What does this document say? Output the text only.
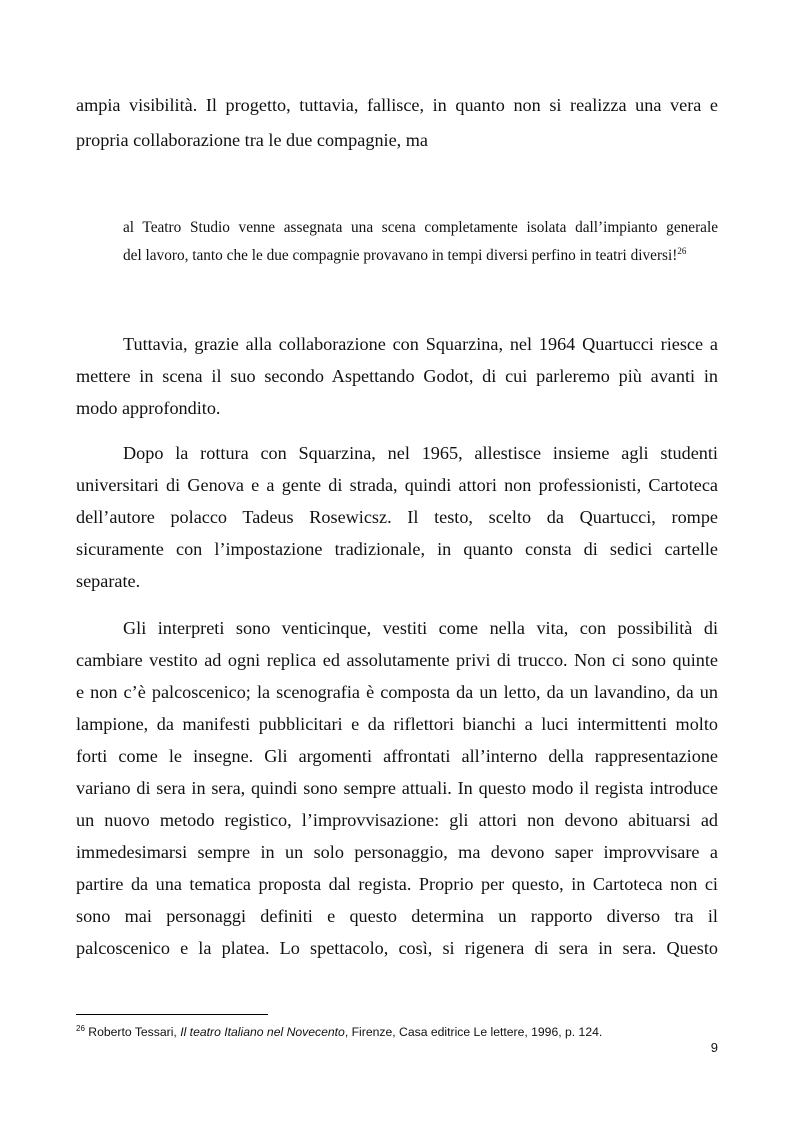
ampia visibilità. Il progetto, tuttavia, fallisce, in quanto non si realizza una vera e
propria collaborazione tra le due compagnie, ma
al Teatro Studio venne assegnata una scena completamente isolata dall’impianto generale
del lavoro, tanto che le due compagnie provavano in tempi diversi perfino in teatri diversi!$^{26}$
Tuttavia, grazie alla collaborazione con Squarzina, nel 1964 Quartucci riesce a
mettere in scena il suo secondo Aspettando Godot, di cui parleremo più avanti in
modo approfondito.
Dopo la rottura con Squarzina, nel 1965, allestisce insieme agli studenti
universitari di Genova e a gente di strada, quindi attori non professionisti, Cartoteca
dell’autore polacco Tadeus Rosewicsz. Il testo, scelto da Quartucci, rompe
sicuramente con l’impostazione tradizionale, in quanto consta di sedici cartelle
separate.
Gli interpreti sono venticinque, vestiti come nella vita, con possibilità di
cambiare vestito ad ogni replica ed assolutamente privi di trucco. Non ci sono quinte
e non c’è palcoscenico; la scenografia è composta da un letto, da un lavandino, da un
lampione, da manifesti pubblicitari e da riflettori bianchi a luci intermittenti molto
forti come le insegne. Gli argomenti affrontati all’interno della rappresentazione
variano di sera in sera, quindi sono sempre attuali. In questo modo il regista introduce
un nuovo metodo registico, l’improvvisazione: gli attori non devono abituarsi ad
immedesimarsi sempre in un solo personaggio, ma devono saper improvvisare a
partire da una tematica proposta dal regista. Proprio per questo, in Cartoteca non ci
sono mai personaggi definiti e questo determina un rapporto diverso tra il
palcoscenico e la platea. Lo spettacolo, così, si rigenera di sera in sera. Questo
$^{26}$ Roberto Tessari, Il teatro Italiano nel Novecento, Firenze, Casa editrice Le lettere, 1996, p. 124.
9
